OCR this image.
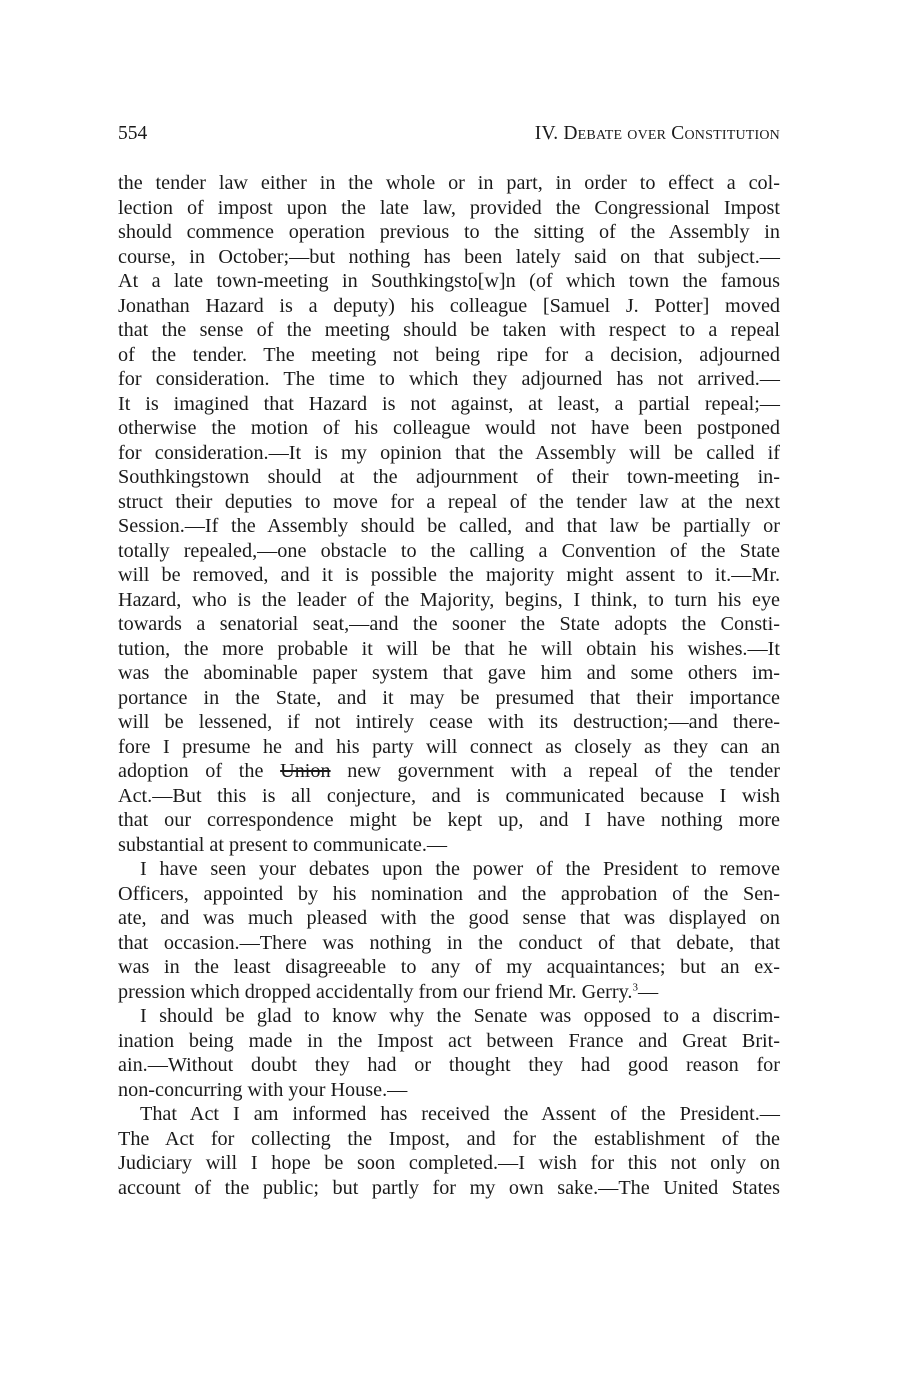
554	IV. Debate over Constitution
the tender law either in the whole or in part, in order to effect a col-
lection of impost upon the late law, provided the Congressional Impost
should commence operation previous to the sitting of the Assembly in
course, in October;—but nothing has been lately said on that subject.—
At a late town-meeting in Southkingsto[w]n (of which town the famous
Jonathan Hazard is a deputy) his colleague [Samuel J. Potter] moved
that the sense of the meeting should be taken with respect to a repeal
of the tender. The meeting not being ripe for a decision, adjourned
for consideration. The time to which they adjourned has not arrived.—
It is imagined that Hazard is not against, at least, a partial repeal;—
otherwise the motion of his colleague would not have been postponed
for consideration.—It is my opinion that the Assembly will be called if
Southkingstown should at the adjournment of their town-meeting in-
struct their deputies to move for a repeal of the tender law at the next
Session.—If the Assembly should be called, and that law be partially or
totally repealed,—one obstacle to the calling a Convention of the State
will be removed, and it is possible the majority might assent to it.—Mr.
Hazard, who is the leader of the Majority, begins, I think, to turn his eye
towards a senatorial seat,—and the sooner the State adopts the Consti-
tution, the more probable it will be that he will obtain his wishes.—It
was the abominable paper system that gave him and some others im-
portance in the State, and it may be presumed that their importance
will be lessened, if not intirely cease with its destruction;—and there-
fore I presume he and his party will connect as closely as they can an
adoption of the Union new government with a repeal of the tender
Act.—But this is all conjecture, and is communicated because I wish
that our correspondence might be kept up, and I have nothing more
substantial at present to communicate.—
I have seen your debates upon the power of the President to remove
Officers, appointed by his nomination and the approbation of the Sen-
ate, and was much pleased with the good sense that was displayed on
that occasion.—There was nothing in the conduct of that debate, that
was in the least disagreeable to any of my acquaintances; but an ex-
pression which dropped accidentally from our friend Mr. Gerry.$^3$—
I should be glad to know why the Senate was opposed to a discrim-
ination being made in the Impost act between France and Great Brit-
ain.—Without doubt they had or thought they had good reason for
non-concurring with your House.—
That Act I am informed has received the Assent of the President.—
The Act for collecting the Impost, and for the establishment of the
Judiciary will I hope be soon completed.—I wish for this not only on
account of the public; but partly for my own sake.—The United States
